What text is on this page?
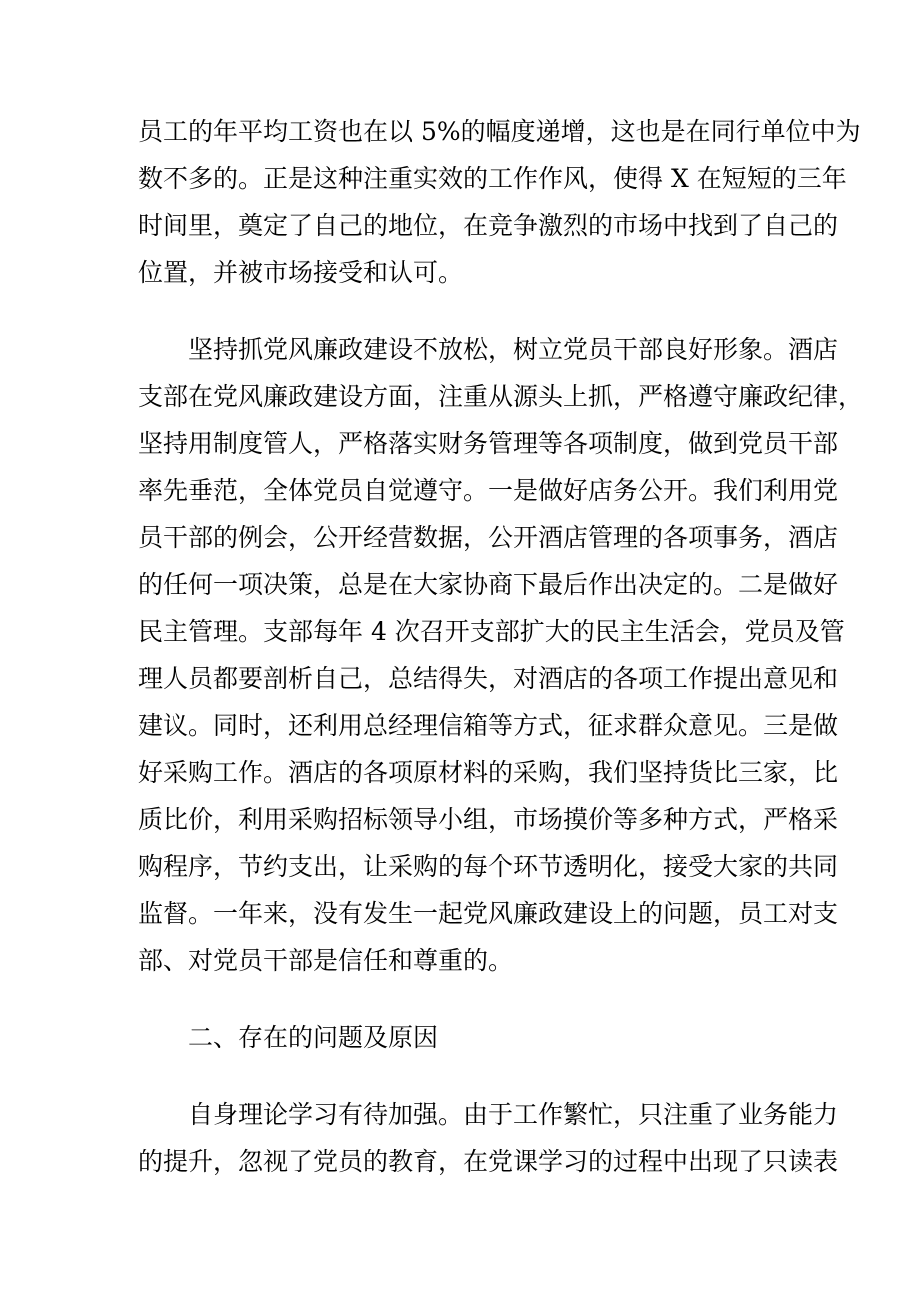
员工的年平均工资也在以 5%的幅度递增，这也是在同行单位中为

数不多的。正是这种注重实效的工作作风，使得 X 在短短的三年

时间里，奠定了自己的地位，在竞争激烈的市场中找到了自己的

位置，并被市场接受和认可。

坚持抓党风廉政建设不放松，树立党员干部良好形象。酒店

支部在党风廉政建设方面，注重从源头上抓，严格遵守廉政纪律，

坚持用制度管人，严格落实财务管理等各项制度，做到党员干部

率先垂范，全体党员自觉遵守。一是做好店务公开。我们利用党

员干部的例会，公开经营数据，公开酒店管理的各项事务，酒店

的任何一项决策，总是在大家协商下最后作出决定的。二是做好

民主管理。支部每年 4 次召开支部扩大的民主生活会，党员及管

理人员都要剖析自己，总结得失，对酒店的各项工作提出意见和

建议。同时，还利用总经理信箱等方式，征求群众意见。三是做

好采购工作。酒店的各项原材料的采购，我们坚持货比三家，比

质比价，利用采购招标领导小组，市场摸价等多种方式，严格采

购程序，节约支出，让采购的每个环节透明化，接受大家的共同

监督。一年来，没有发生一起党风廉政建设上的问题，员工对支

部、对党员干部是信任和尊重的。

二、存在的问题及原因

自身理论学习有待加强。由于工作繁忙，只注重了业务能力

的提升，忽视了党员的教育，在党课学习的过程中出现了只读表
